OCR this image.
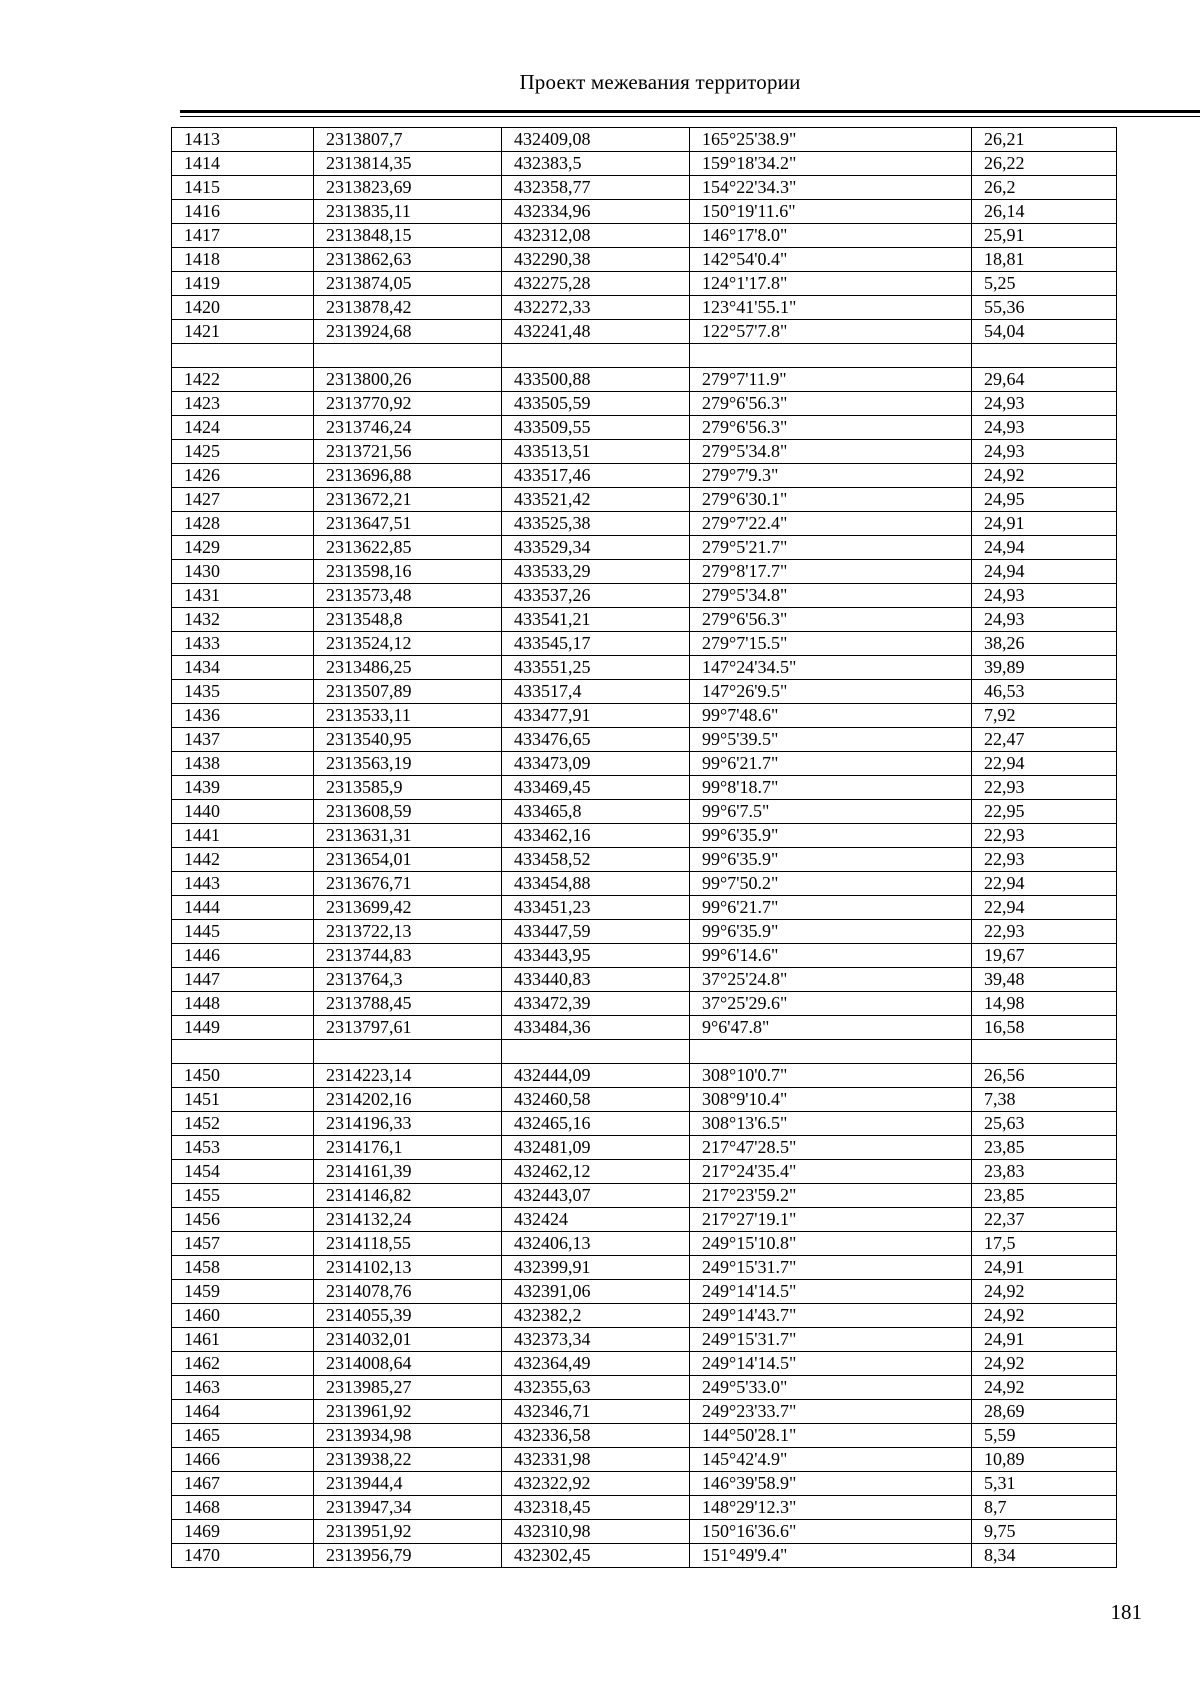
Проект межевания территории
1413	2313807,7	432409,08	165°25'38.9"	26,21
1414	2313814,35	432383,5	159°18'34.2"	26,22
1415	2313823,69	432358,77	154°22'34.3"	26,2
1416	2313835,11	432334,96	150°19'11.6"	26,14
1417	2313848,15	432312,08	146°17'8.0"	25,91
1418	2313862,63	432290,38	142°54'0.4"	18,81
1419	2313874,05	432275,28	124°1'17.8"	5,25
1420	2313878,42	432272,33	123°41'55.1"	55,36
1421	2313924,68	432241,48	122°57'7.8"	54,04

1422	2313800,26	433500,88	279°7'11.9"	29,64
1423	2313770,92	433505,59	279°6'56.3"	24,93
1424	2313746,24	433509,55	279°6'56.3"	24,93
1425	2313721,56	433513,51	279°5'34.8"	24,93
1426	2313696,88	433517,46	279°7'9.3"	24,92
1427	2313672,21	433521,42	279°6'30.1"	24,95
1428	2313647,51	433525,38	279°7'22.4"	24,91
1429	2313622,85	433529,34	279°5'21.7"	24,94
1430	2313598,16	433533,29	279°8'17.7"	24,94
1431	2313573,48	433537,26	279°5'34.8"	24,93
1432	2313548,8	433541,21	279°6'56.3"	24,93
1433	2313524,12	433545,17	279°7'15.5"	38,26
1434	2313486,25	433551,25	147°24'34.5"	39,89
1435	2313507,89	433517,4	147°26'9.5"	46,53
1436	2313533,11	433477,91	99°7'48.6"	7,92
1437	2313540,95	433476,65	99°5'39.5"	22,47
1438	2313563,19	433473,09	99°6'21.7"	22,94
1439	2313585,9	433469,45	99°8'18.7"	22,93
1440	2313608,59	433465,8	99°6'7.5"	22,95
1441	2313631,31	433462,16	99°6'35.9"	22,93
1442	2313654,01	433458,52	99°6'35.9"	22,93
1443	2313676,71	433454,88	99°7'50.2"	22,94
1444	2313699,42	433451,23	99°6'21.7"	22,94
1445	2313722,13	433447,59	99°6'35.9"	22,93
1446	2313744,83	433443,95	99°6'14.6"	19,67
1447	2313764,3	433440,83	37°25'24.8"	39,48
1448	2313788,45	433472,39	37°25'29.6"	14,98
1449	2313797,61	433484,36	9°6'47.8"	16,58

1450	2314223,14	432444,09	308°10'0.7"	26,56
1451	2314202,16	432460,58	308°9'10.4"	7,38
1452	2314196,33	432465,16	308°13'6.5"	25,63
1453	2314176,1	432481,09	217°47'28.5"	23,85
1454	2314161,39	432462,12	217°24'35.4"	23,83
1455	2314146,82	432443,07	217°23'59.2"	23,85
1456	2314132,24	432424	217°27'19.1"	22,37
1457	2314118,55	432406,13	249°15'10.8"	17,5
1458	2314102,13	432399,91	249°15'31.7"	24,91
1459	2314078,76	432391,06	249°14'14.5"	24,92
1460	2314055,39	432382,2	249°14'43.7"	24,92
1461	2314032,01	432373,34	249°15'31.7"	24,91
1462	2314008,64	432364,49	249°14'14.5"	24,92
1463	2313985,27	432355,63	249°5'33.0"	24,92
1464	2313961,92	432346,71	249°23'33.7"	28,69
1465	2313934,98	432336,58	144°50'28.1"	5,59
1466	2313938,22	432331,98	145°42'4.9"	10,89
1467	2313944,4	432322,92	146°39'58.9"	5,31
1468	2313947,34	432318,45	148°29'12.3"	8,7
1469	2313951,92	432310,98	150°16'36.6"	9,75
1470	2313956,79	432302,45	151°49'9.4"	8,34
181
